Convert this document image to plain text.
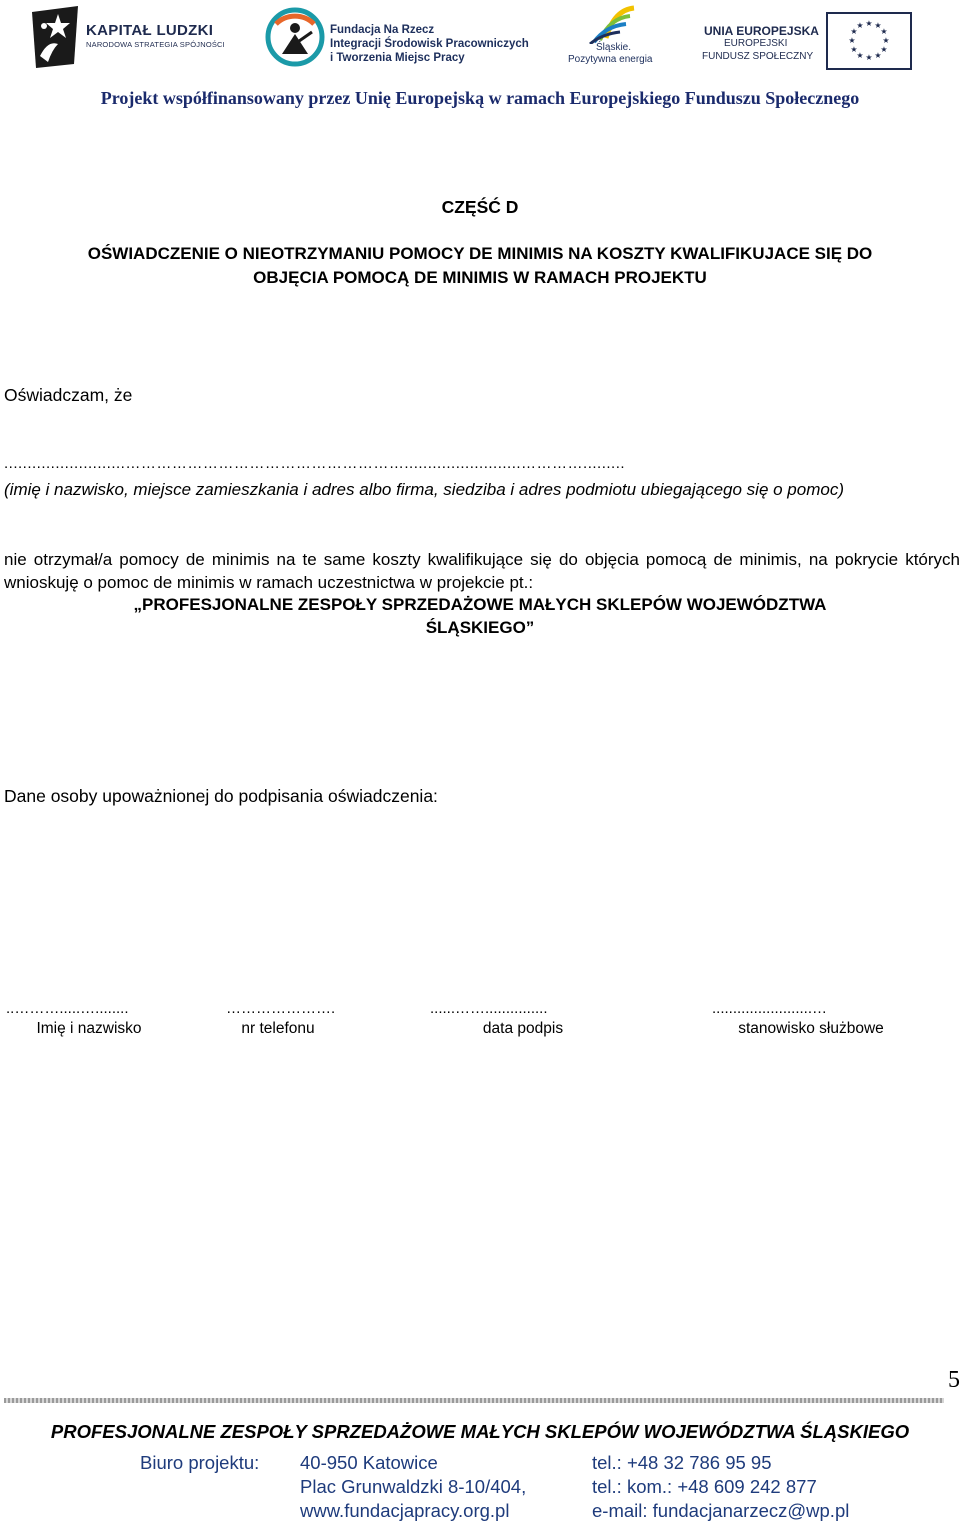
KAPITAŁ LUDZKI
NARODOWA STRATEGIA SPÓJNOŚCI
Fundacja Na Rzecz
Integracji Środowisk Pracowniczych
i Tworzenia Miejsc Pracy
Śląskie.
Pozytywna energia
UNIA EUROPEJSKA
EUROPEJSKI
FUNDUSZ SPOŁECZNY
★ ★
★
★
★
★
★
★
★
★
★
★
Projekt współfinansowany przez Unię Europejską w ramach Europejskiego Funduszu Społecznego
CZĘŚĆ D
OŚWIADCZENIE O NIEOTRZYMANIU POMOCY DE MINIMIS NA KOSZTY KWALIFIKUJACE SIĘ DO
OBJĘCIA POMOCĄ DE MINIMIS W RAMACH PROJEKTU
Oświadczam, że
..........................……………………………………………….........................………….........
(imię i nazwisko, miejsce zamieszkania i adres albo firma, siedziba i adres podmiotu ubiegającego się o pomoc)
nie otrzymał/a pomocy de minimis na te same koszty kwalifikujące się do objęcia pomocą de minimis, na pokrycie których wnioskuję o pomoc de minimis w ramach uczestnictwa w projekcie pt.:
„PROFESJONALNE ZESPOŁY SPRZEDAŻOWE MAŁYCH SKLEPÓW WOJEWÓDZTWA
ŚLĄSKIEGO”
Dane osoby upoważnionej do podpisania oświadczenia:
..……….....…........
Imię i nazwisko
………………….
nr telefonu
......……...............
data podpis
........................…
stanowisko służbowe
5
PROFESJONALNE ZESPOŁY SPRZEDAŻOWE MAŁYCH SKLEPÓW WOJEWÓDZTWA ŚLĄSKIEGO
Biuro projektu: 40-950 Katowice
Plac Grunwaldzki 8-10/404,
www.fundacjapracy.org.pl
tel.: +48 32 786 95 95
tel.: kom.: +48 609 242 877
e-mail: fundacjanarzecz@wp.pl
